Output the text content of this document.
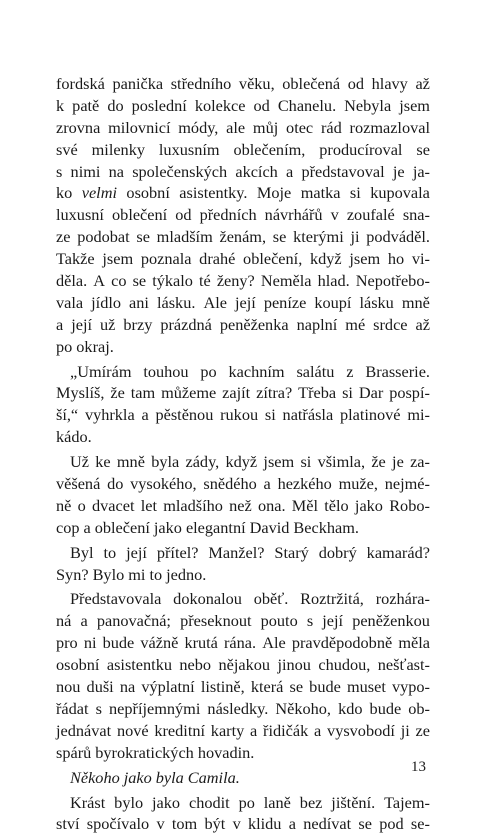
fordská panička středního věku, oblečená od hlavy až
k patě do poslední kolekce od Chanelu. Nebyla jsem
zrovna milovnicí módy, ale můj otec rád rozmazloval
své milenky luxusním oblečením, producíroval se
s nimi na společenských akcích a představoval je ja-
ko velmi osobní asistentky. Moje matka si kupovala
luxusní oblečení od předních návrhářů v zoufalé sna-
ze podobat se mladším ženám, se kterými ji podváděl.
Takže jsem poznala drahé oblečení, když jsem ho vi-
děla. A co se týkalo té ženy? Neměla hlad. Nepotřebo-
vala jídlo ani lásku. Ale její peníze koupí lásku mně
a její už brzy prázdná peněženka naplní mé srdce až
po okraj.
„Umírám touhou po kachním salátu z Brasserie.
Myslíš, že tam můžeme zajít zítra? Třeba si Dar pospí-
ší,“ vyhrkla a pěstěnou rukou si natřásla platinové mi-
kádo.
Už ke mně byla zády, když jsem si všimla, že je za-
věšená do vysokého, snědého a hezkého muže, nejmé-
ně o dvacet let mladšího než ona. Měl tělo jako Robo-
cop a oblečení jako elegantní David Beckham.
Byl to její přítel? Manžel? Starý dobrý kamarád?
Syn? Bylo mi to jedno.
Představovala dokonalou oběť. Roztržitá, rozhára-
ná a panovačná; přeseknout pouto s její peněženkou
pro ni bude vážně krutá rána. Ale pravděpodobně měla
osobní asistentku nebo nějakou jinou chudou, nešťast-
nou duši na výplatní listině, která se bude muset vypo-
řádat s nepříjemnými následky. Někoho, kdo bude ob-
jednávat nové kreditní karty a řidičák a vysvobodí ji ze
spárů byrokratických hovadin.
Někoho jako byla Camila.
Krást bylo jako chodit po laně bez jištění. Tajem-
ství spočívalo v tom být v klidu a nedívat se pod se-
13
